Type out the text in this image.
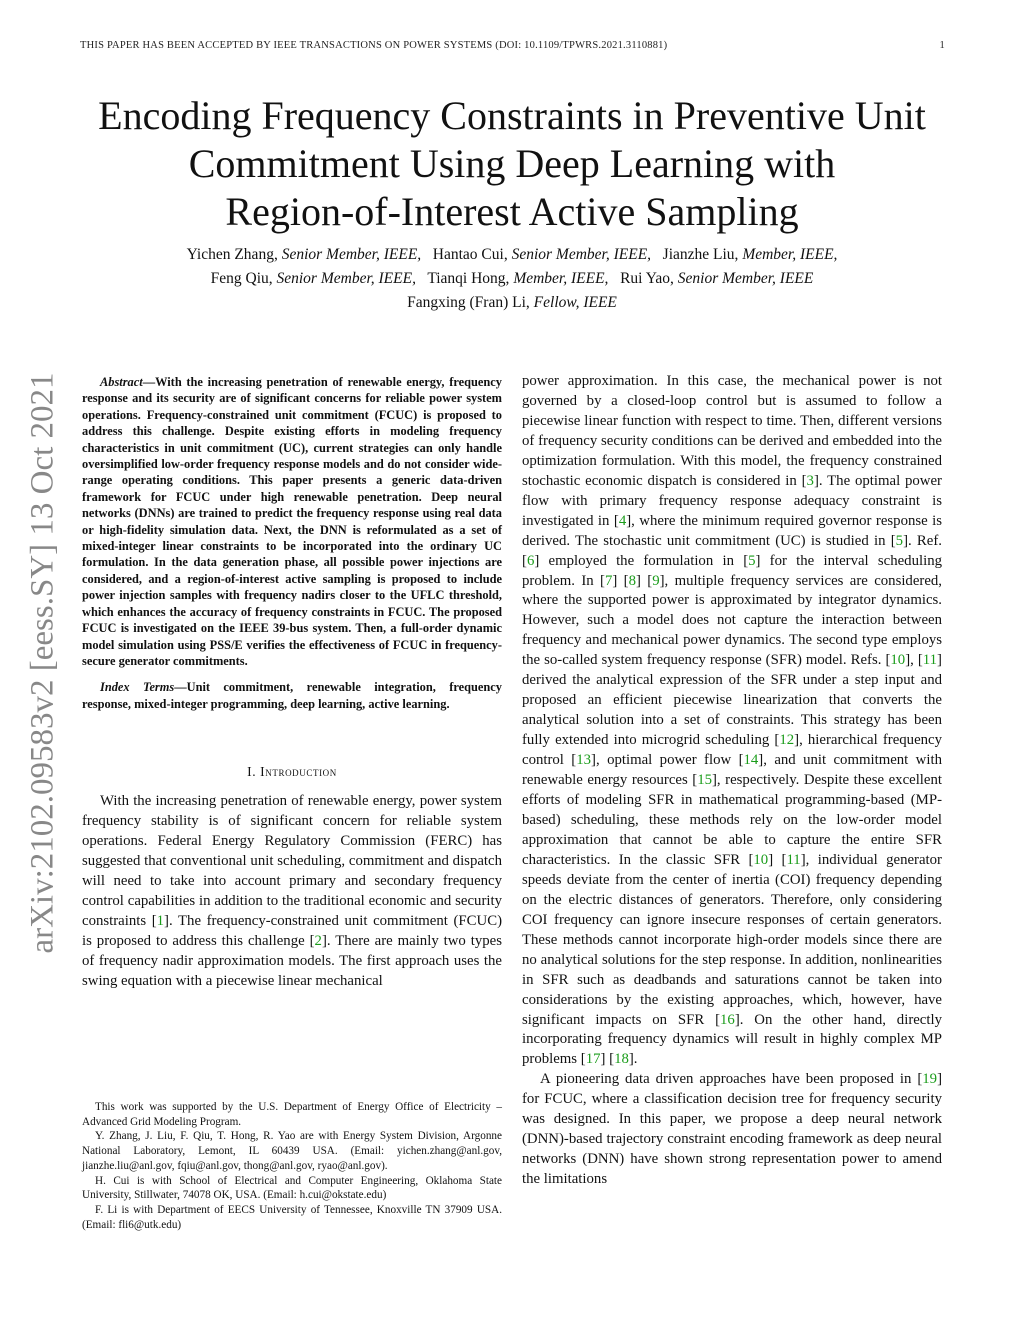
THIS PAPER HAS BEEN ACCEPTED BY IEEE TRANSACTIONS ON POWER SYSTEMS (DOI: 10.1109/TPWRS.2021.3110881)	1
Encoding Frequency Constraints in Preventive Unit
Commitment Using Deep Learning with
Region-of-Interest Active Sampling
Yichen Zhang, Senior Member, IEEE, Hantao Cui, Senior Member, IEEE, Jianzhe Liu, Member, IEEE,
Feng Qiu, Senior Member, IEEE, Tianqi Hong, Member, IEEE, Rui Yao, Senior Member, IEEE
Fangxing (Fran) Li, Fellow, IEEE
arXiv:2102.09583v2 [eess.SY] 13 Oct 2021	Abstract—With the increasing penetration of renewable energy, frequency response and its security are of significant concerns for reliable power system operations. Frequency-constrained unit commitment (FCUC) is proposed to address this challenge. Despite existing efforts in modeling frequency characteristics in unit commitment (UC), current strategies can only handle oversimplified low-order frequency response models and do not consider wide-range operating conditions. This paper presents a generic data-driven framework for FCUC under high renewable penetration. Deep neural networks (DNNs) are trained to predict the frequency response using real data or high-fidelity simulation data. Next, the DNN is reformulated as a set of mixed-integer linear constraints to be incorporated into the ordinary UC formulation. In the data generation phase, all possible power injections are considered, and a region-of-interest active sampling is proposed to include power injection samples with frequency nadirs closer to the UFLC threshold, which enhances the accuracy of frequency constraints in FCUC. The proposed FCUC is investigated on the IEEE 39-bus system. Then, a full-order dynamic model simulation using PSS/E verifies the effectiveness of FCUC in frequency-secure generator commitments.

Index Terms—Unit commitment, renewable integration, frequency response, mixed-integer programming, deep learning, active learning.

I. Introduction

With the increasing penetration of renewable energy, power system frequency stability is of significant concern for reliable system operations. Federal Energy Regulatory Commission (FERC) has suggested that conventional unit scheduling, commitment and dispatch will need to take into account primary and secondary frequency control capabilities in addition to the traditional economic and security constraints [1]. The frequency-constrained unit commitment (FCUC) is proposed to address this challenge [2]. There are mainly two types of frequency nadir approximation models. The first approach uses the swing equation with a piecewise linear mechanical

power approximation. In this case, the mechanical power is not governed by a closed-loop control but is assumed to follow a piecewise linear function with respect to time. Then, different versions of frequency security conditions can be derived and embedded into the optimization formulation. With this model, the frequency constrained stochastic economic dispatch is considered in [3]. The optimal power flow with primary frequency response adequacy constraint is investigated in [4], where the minimum required governor response is derived. The stochastic unit commitment (UC) is studied in [5]. Ref. [6] employed the formulation in [5] for the interval scheduling problem. In [7] [8] [9], multiple frequency services are considered, where the supported power is approximated by integrator dynamics. However, such a model does not capture the interaction between frequency and mechanical power dynamics. The second type employs the so-called system frequency response (SFR) model. Refs. [10], [11] derived the analytical expression of the SFR under a step input and proposed an efficient piecewise linearization that converts the analytical solution into a set of constraints. This strategy has been fully extended into microgrid scheduling [12], hierarchical frequency control [13], optimal power flow [14], and unit commitment with renewable energy resources [15], respectively. Despite these excellent efforts of modeling SFR in mathematical programming-based (MP-based) scheduling, these methods rely on the low-order model approximation that cannot be able to capture the entire SFR characteristics. In the classic SFR [10] [11], individual generator speeds deviate from the center of inertia (COI) frequency depending on the electric distances of generators. Therefore, only considering COI frequency can ignore insecure responses of certain generators. These methods cannot incorporate high-order models since there are no analytical solutions for the step response. In addition, nonlinearities in SFR such as deadbands and saturations cannot be taken into considerations by the existing approaches, which, however, have significant impacts on SFR [16]. On the other hand, directly incorporating frequency dynamics will result in highly complex MP problems [17] [18].

A pioneering data driven approaches have been proposed in [19] for FCUC, where a classification decision tree for frequency security was designed. In this paper, we propose a deep neural network (DNN)-based trajectory constraint encoding framework as deep neural networks (DNN) have shown strong representation power to amend the limitations

This work was supported by the U.S. Department of Energy Office of Electricity – Advanced Grid Modeling Program.

Y. Zhang, J. Liu, F. Qiu, T. Hong, R. Yao are with Energy System Division, Argonne National Laboratory, Lemont, IL 60439 USA. (Email: yichen.zhang@anl.gov, jianzhe.liu@anl.gov, fqiu@anl.gov, thong@anl.gov, ryao@anl.gov).

H. Cui is with School of Electrical and Computer Engineering, Oklahoma State University, Stillwater, 74078 OK, USA. (Email: h.cui@okstate.edu)

F. Li is with Department of EECS University of Tennessee, Knoxville TN 37909 USA. (Email: fli6@utk.edu)
